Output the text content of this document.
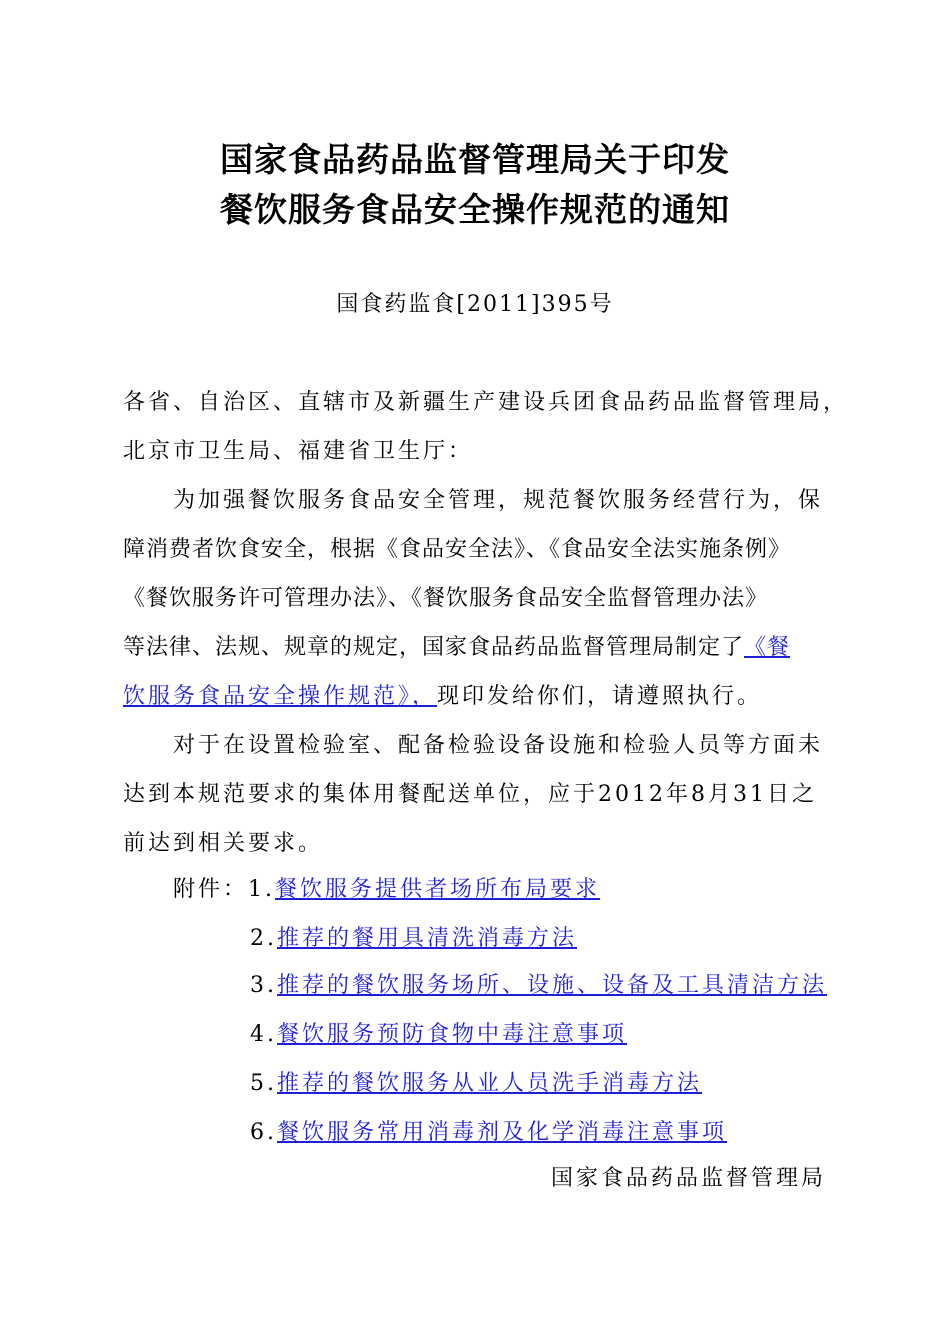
国家食品药品监督管理局关于印发
餐饮服务食品安全操作规范的通知
国食药监食[2011]395号
各省、自治区、直辖市及新疆生产建设兵团食品药品监督管理局，
北京市卫生局、福建省卫生厅：
为加强餐饮服务食品安全管理，规范餐饮服务经营行为，保
障消费者饮食安全，根据《食品安全法》、《食品安全法实施条例》
《餐饮服务许可管理办法》、《餐饮服务食品安全监督管理办法》
等法律、法规、规章的规定，国家食品药品监督管理局制定了《餐
饮服务食品安全操作规范》，现印发给你们，请遵照执行。
对于在设置检验室、配备检验设备设施和检验人员等方面未
达到本规范要求的集体用餐配送单位，应于2012年8月31日之
前达到相关要求。
附件：1.餐饮服务提供者场所布局要求
2.推荐的餐用具清洗消毒方法
3.推荐的餐饮服务场所、设施、设备及工具清洁方法
4.餐饮服务预防食物中毒注意事项
5.推荐的餐饮服务从业人员洗手消毒方法
6.餐饮服务常用消毒剂及化学消毒注意事项
国家食品药品监督管理局
